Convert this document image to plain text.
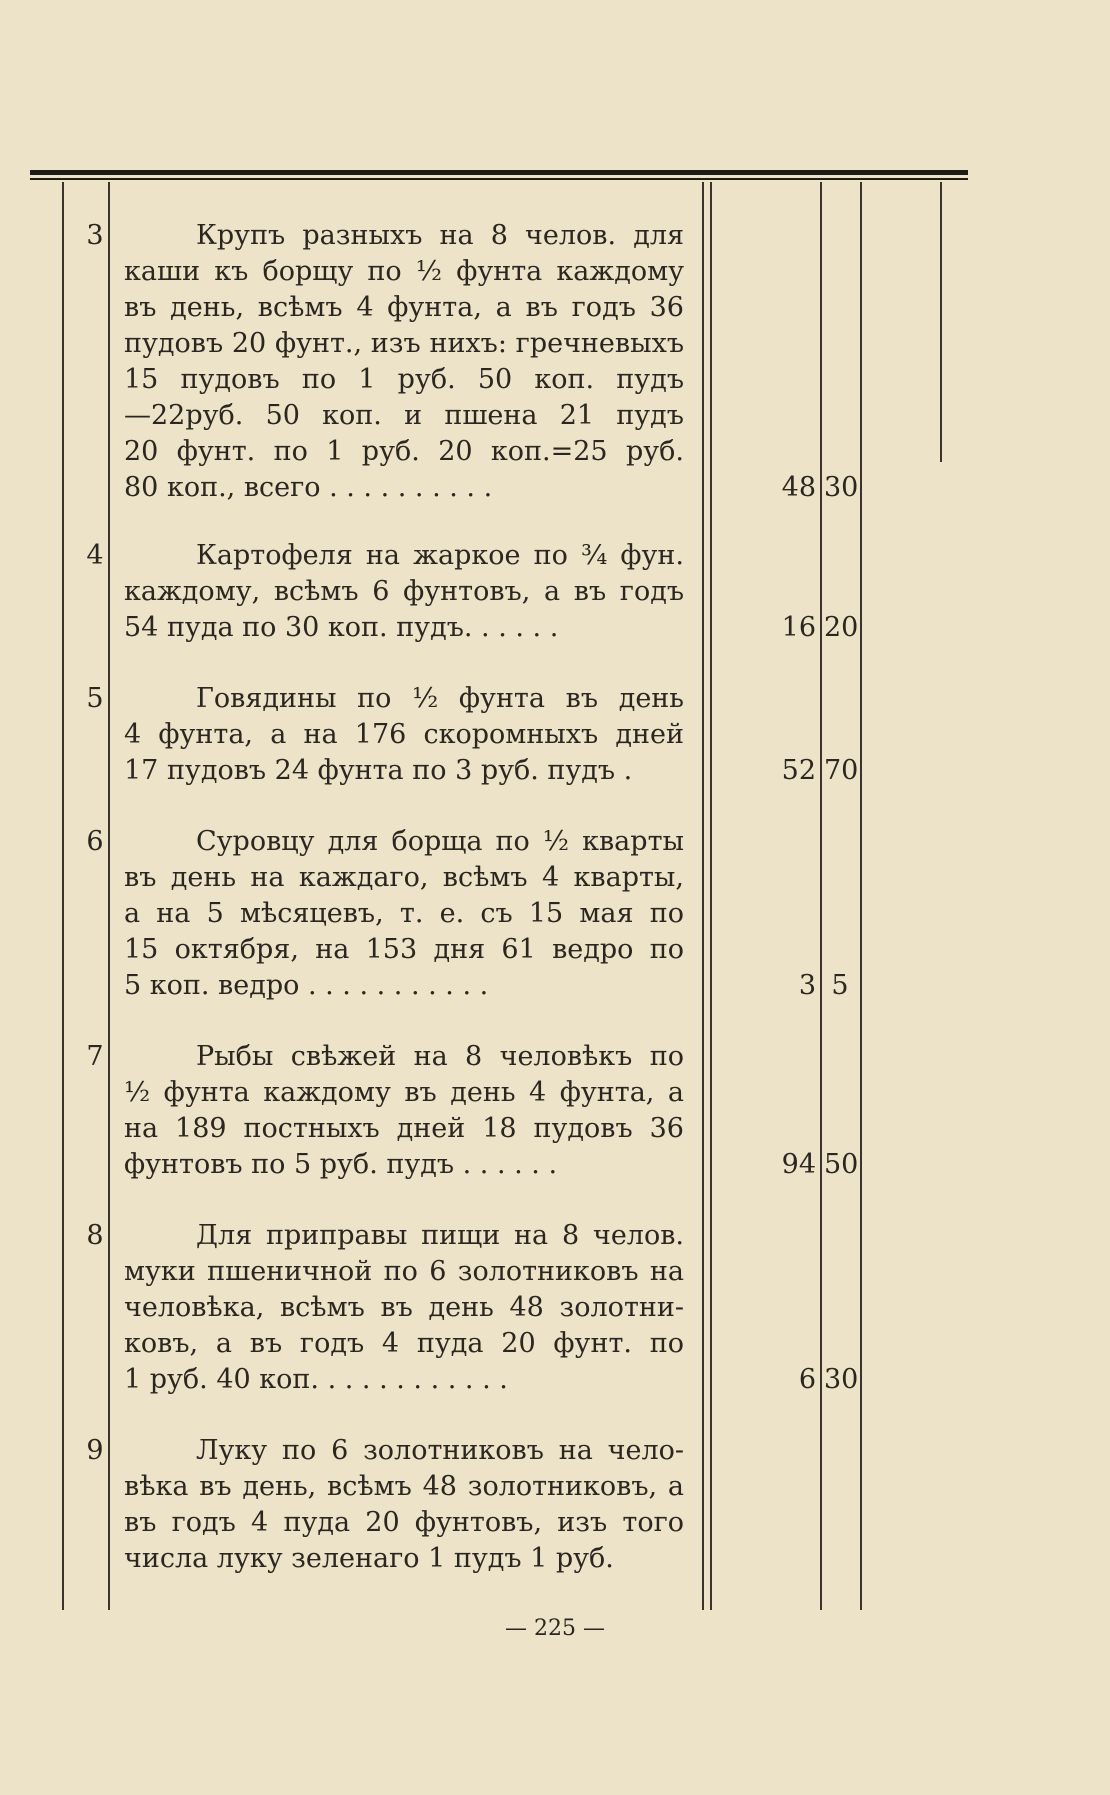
3	Крупъ разныхъ на 8 челов. для
каши къ борщу по ½ фунта каждому
въ день, всѣмъ 4 фунта, а въ годъ 36
пудовъ 20 фунт., изъ нихъ: гречневыхъ
15 пудовъ по 1 руб. 50 коп. пудъ
—22руб. 50 коп. и пшена 21 пудъ
20 фунт. по 1 руб. 20 коп.=25 руб.
80 коп., всего . . . . . . . . . .	48 30
4	Картофеля на жаркое по ¾ фун.
каждому, всѣмъ 6 фунтовъ, а въ годъ
54 пуда по 30 коп. пудъ. . . . . .	16 20
5	Говядины по ½ фунта въ день
4 фунта, а на 176 скоромныхъ дней
17 пудовъ 24 фунта по 3 руб. пудъ .	52 70
6	Суровцу для борща по ½ кварты
въ день на каждаго, всѣмъ 4 кварты,
а на 5 мѣсяцевъ, т. е. съ 15 мая по
15 октября, на 153 дня 61 ведро по
5 коп. ведро . . . . . . . . . . .	3 5
7	Рыбы свѣжей на 8 человѣкъ по
½ фунта каждому въ день 4 фунта, а
на 189 постныхъ дней 18 пудовъ 36
фунтовъ по 5 руб. пудъ . . . . . .	94 50
8	Для приправы пищи на 8 челов.
муки пшеничной по 6 золотниковъ на
человѣка, всѣмъ въ день 48 золотни-
ковъ, а въ годъ 4 пуда 20 фунт. по
1 руб. 40 коп. . . . . . . . . . . .	6 30
9	Луку по 6 золотниковъ на чело-
вѣка въ день, всѣмъ 48 золотниковъ, а
въ годъ 4 пуда 20 фунтовъ, изъ того
числа луку зеленаго 1 пудъ 1 руб.
— 225 —
